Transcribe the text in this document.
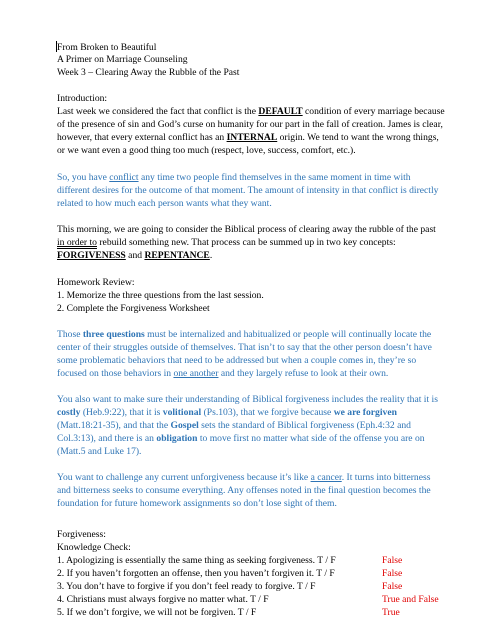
From Broken to Beautiful
A Primer on Marriage Counseling
Week 3 – Clearing Away the Rubble of the Past
Introduction:
Last week we considered the fact that conflict is the DEFAULT condition of every marriage because
of the presence of sin and God’s curse on humanity for our part in the fall of creation. James is clear,
however, that every external conflict has an INTERNAL origin. We tend to want the wrong things,
or we want even a good thing too much (respect, love, success, comfort, etc.).
So, you have conflict any time two people find themselves in the same moment in time with
different desires for the outcome of that moment. The amount of intensity in that conflict is directly
related to how much each person wants what they want.
This morning, we are going to consider the Biblical process of clearing away the rubble of the past
in order to rebuild something new. That process can be summed up in two key concepts:
FORGIVENESS and REPENTANCE.
Homework Review:
1. Memorize the three questions from the last session.
2. Complete the Forgiveness Worksheet
Those three questions must be internalized and habitualized or people will continually locate the
center of their struggles outside of themselves. That isn’t to say that the other person doesn’t have
some problematic behaviors that need to be addressed but when a couple comes in, they’re so
focused on those behaviors in one another and they largely refuse to look at their own.
You also want to make sure their understanding of Biblical forgiveness includes the reality that it is
costly (Heb.9:22), that it is volitional (Ps.103), that we forgive because we are forgiven
(Matt.18:21-35), and that the Gospel sets the standard of Biblical forgiveness (Eph.4:32 and
Col.3:13), and there is an obligation to move first no matter what side of the offense you are on
(Matt.5 and Luke 17).
You want to challenge any current unforgiveness because it’s like a cancer. It turns into bitterness
and bitterness seeks to consume everything. Any offenses noted in the final question becomes the
foundation for future homework assignments so don’t lose sight of them.
Forgiveness:
Knowledge Check:
1. Apologizing is essentially the same thing as seeking forgiveness. T / F	False
2. If you haven’t forgotten an offense, then you haven’t forgiven it. T / F	False
3. You don’t have to forgive if you don’t feel ready to forgive. T / F	False
4. Christians must always forgive no matter what. T / F	True and False
5. If we don’t forgive, we will not be forgiven. T / F	True
